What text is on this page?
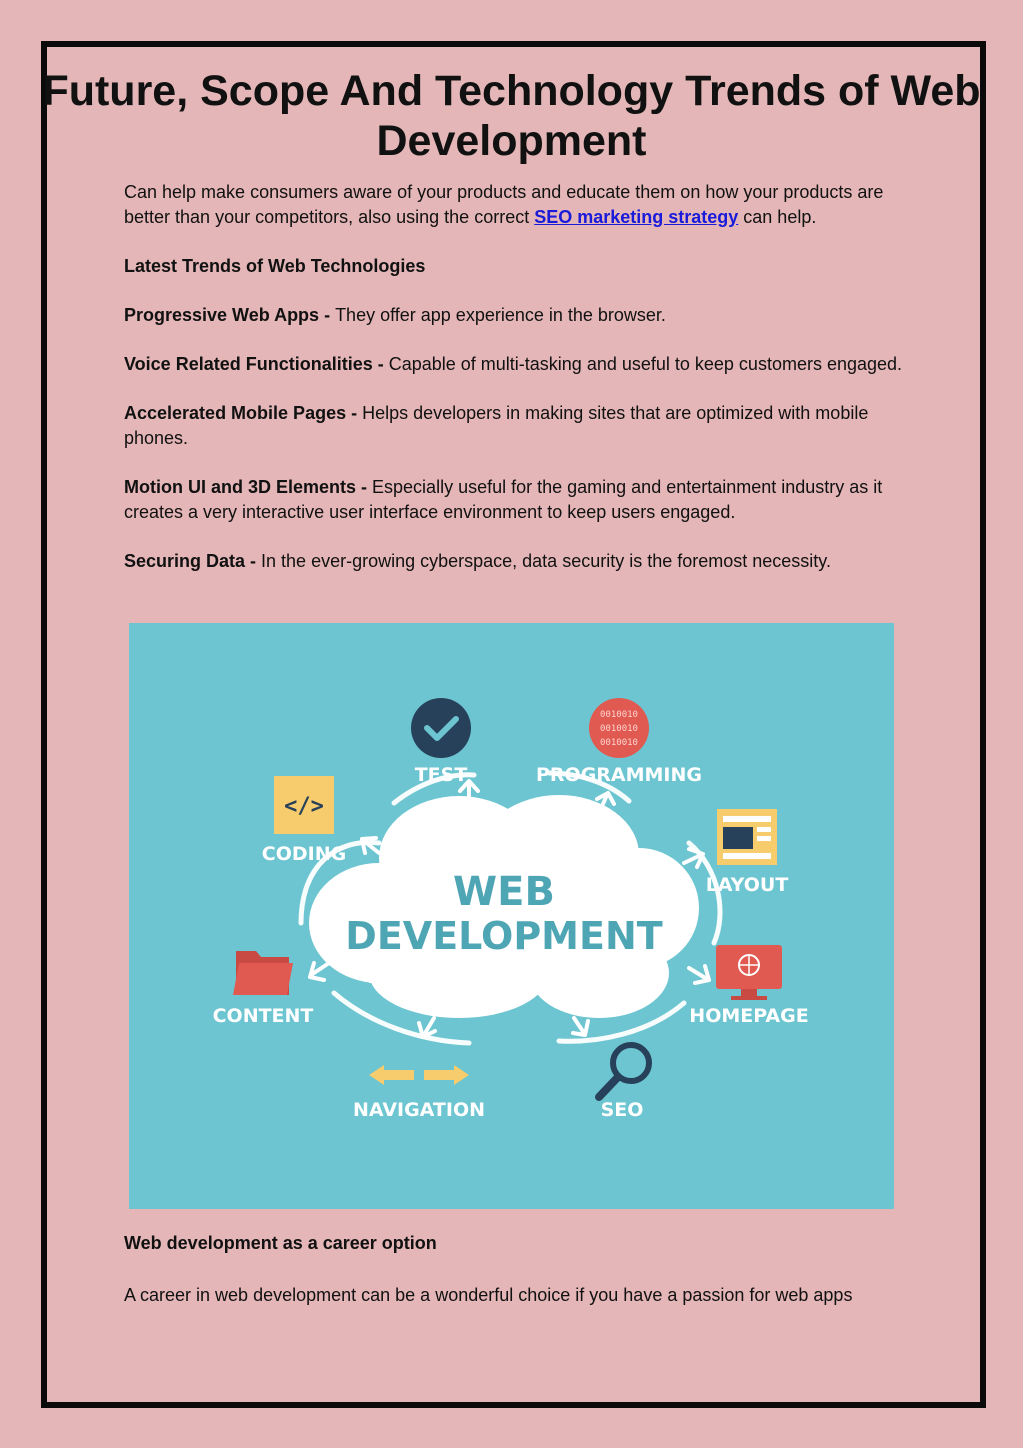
Future, Scope And Technology Trends of Web Development

Can help make consumers aware of your products and educate them on how your products are better than your competitors, also using the correct SEO marketing strategy can help.

Latest Trends of Web Technologies

Progressive Web Apps - They offer app experience in the browser.

Voice Related Functionalities - Capable of multi-tasking and useful to keep customers engaged.

Accelerated Mobile Pages - Helps developers in making sites that are optimized with mobile phones.

Motion UI and 3D Elements - Especially useful for the gaming and entertainment industry as it creates a very interactive user interface environment to keep users engaged.

Securing Data - In the ever-growing cyberspace, data security is the foremost necessity.

WEB
DEVELOPMENT
TEST
0010010
0010010
0010010
PROGRAMMING
</>
CODING
LAYOUT
CONTENT	HOMEPAGE
NAVIGATION	SEO

Web development as a career option

A career in web development can be a wonderful choice if you have a passion for web apps
